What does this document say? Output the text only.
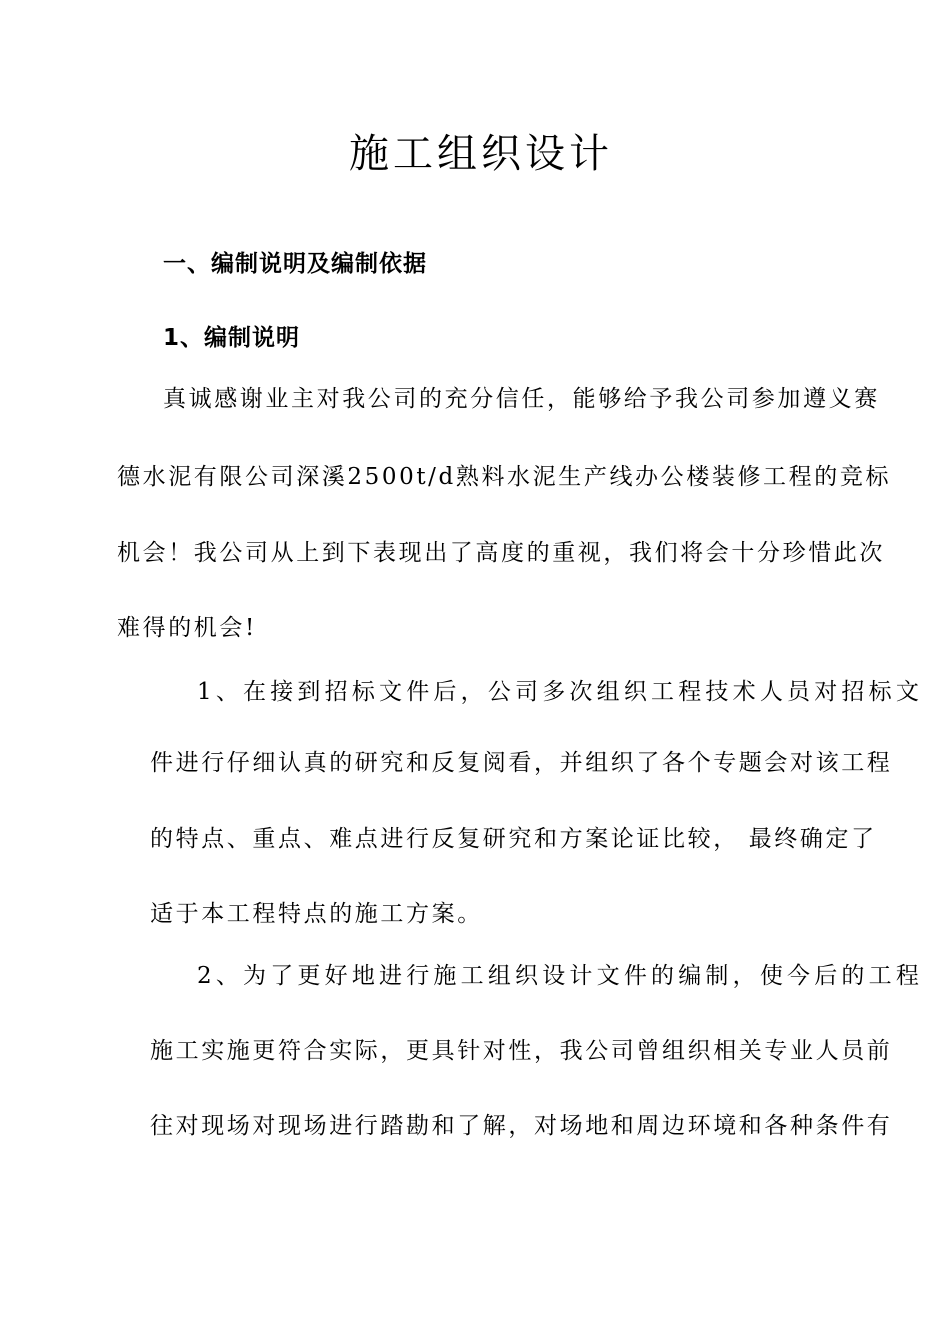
施工组织设计
一、编制说明及编制依据
1、编制说明
真诚感谢业主对我公司的充分信任，能够给予我公司参加遵义赛
德水泥有限公司深溪2500t/d熟料水泥生产线办公楼装修工程的竞标
机会！我公司从上到下表现出了高度的重视，我们将会十分珍惜此次
难得的机会!
1、在接到招标文件后，公司多次组织工程技术人员对招标文
件进行仔细认真的研究和反复阅看，并组织了各个专题会对该工程
的特点、重点、难点进行反复研究和方案论证比较， 最终确定了
适于本工程特点的施工方案。
2、为了更好地进行施工组织设计文件的编制，使今后的工程
施工实施更符合实际，更具针对性，我公司曾组织相关专业人员前
往对现场对现场进行踏勘和了解，对场地和周边环境和各种条件有
